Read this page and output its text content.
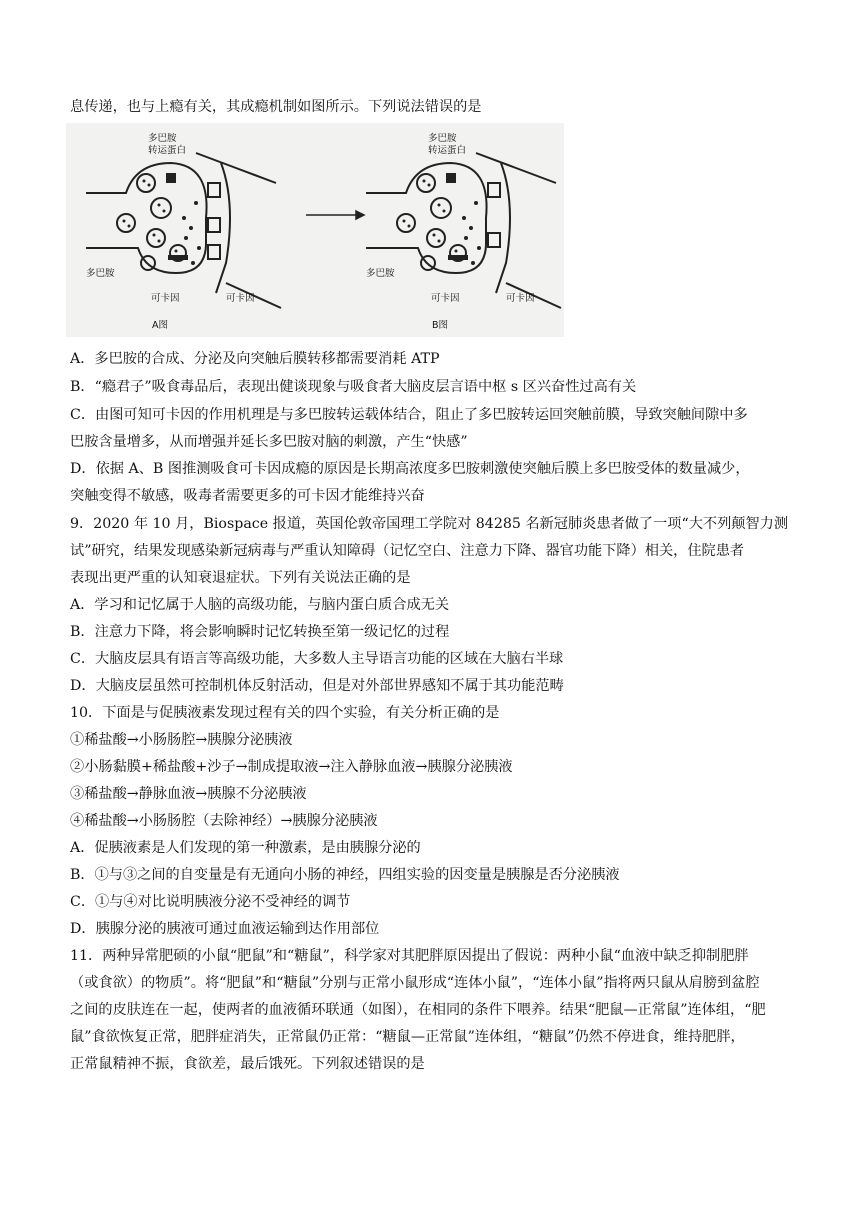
息传递，也与上瘾有关，其成瘾机制如图所示。下列说法错误的是
多巴胺
转运蛋白
多巴胺
可卡因	可卡因
A图
多巴胺
转运蛋白
多巴胺
可卡因	可卡因
B图
A．多巴胺的合成、分泌及向突触后膜转移都需要消耗 ATP
B．“瘾君子”吸食毒品后，表现出健谈现象与吸食者大脑皮层言语中枢 s 区兴奋性过高有关
C．由图可知可卡因的作用机理是与多巴胺转运载体结合，阻止了多巴胺转运回突触前膜，导致突触间隙中多
巴胺含量增多，从而增强并延长多巴胺对脑的刺激，产生“快感”
D．依据 A、B 图推测吸食可卡因成瘾的原因是长期高浓度多巴胺刺激使突触后膜上多巴胺受体的数量减少，
突触变得不敏感，吸毒者需要更多的可卡因才能维持兴奋
9．2020 年 10 月，Biospace 报道，英国伦敦帝国理工学院对 84285 名新冠肺炎患者做了一项“大不列颠智力测
试”研究，结果发现感染新冠病毒与严重认知障碍（记忆空白、注意力下降、器官功能下降）相关，住院患者
表现出更严重的认知衰退症状。下列有关说法正确的是
A．学习和记忆属于人脑的高级功能，与脑内蛋白质合成无关
B．注意力下降，将会影响瞬时记忆转换至第一级记忆的过程
C．大脑皮层具有语言等高级功能，大多数人主导语言功能的区域在大脑右半球
D．大脑皮层虽然可控制机体反射活动，但是对外部世界感知不属于其功能范畴
10．下面是与促胰液素发现过程有关的四个实验，有关分析正确的是
①稀盐酸→小肠肠腔→胰腺分泌胰液
②小肠黏膜+稀盐酸+沙子→制成提取液→注入静脉血液→胰腺分泌胰液
③稀盐酸→静脉血液→胰腺不分泌胰液
④稀盐酸→小肠肠腔（去除神经）→胰腺分泌胰液
A．促胰液素是人们发现的第一种激素，是由胰腺分泌的
B．①与③之间的自变量是有无通向小肠的神经，四组实验的因变量是胰腺是否分泌胰液
C．①与④对比说明胰液分泌不受神经的调节
D．胰腺分泌的胰液可通过血液运输到达作用部位
11．两种异常肥硕的小鼠“肥鼠”和“糖鼠”，科学家对其肥胖原因提出了假说：两种小鼠“血液中缺乏抑制肥胖
（或食欲）的物质”。将“肥鼠”和“糖鼠”分别与正常小鼠形成“连体小鼠”，“连体小鼠”指将两只鼠从肩膀到盆腔
之间的皮肤连在一起，使两者的血液循环联通（如图），在相同的条件下喂养。结果“肥鼠—正常鼠”连体组，“肥
鼠”食欲恢复正常，肥胖症消失，正常鼠仍正常：“糖鼠—正常鼠”连体组，“糖鼠”仍然不停进食，维持肥胖，
正常鼠精神不振，食欲差，最后饿死。下列叙述错误的是
